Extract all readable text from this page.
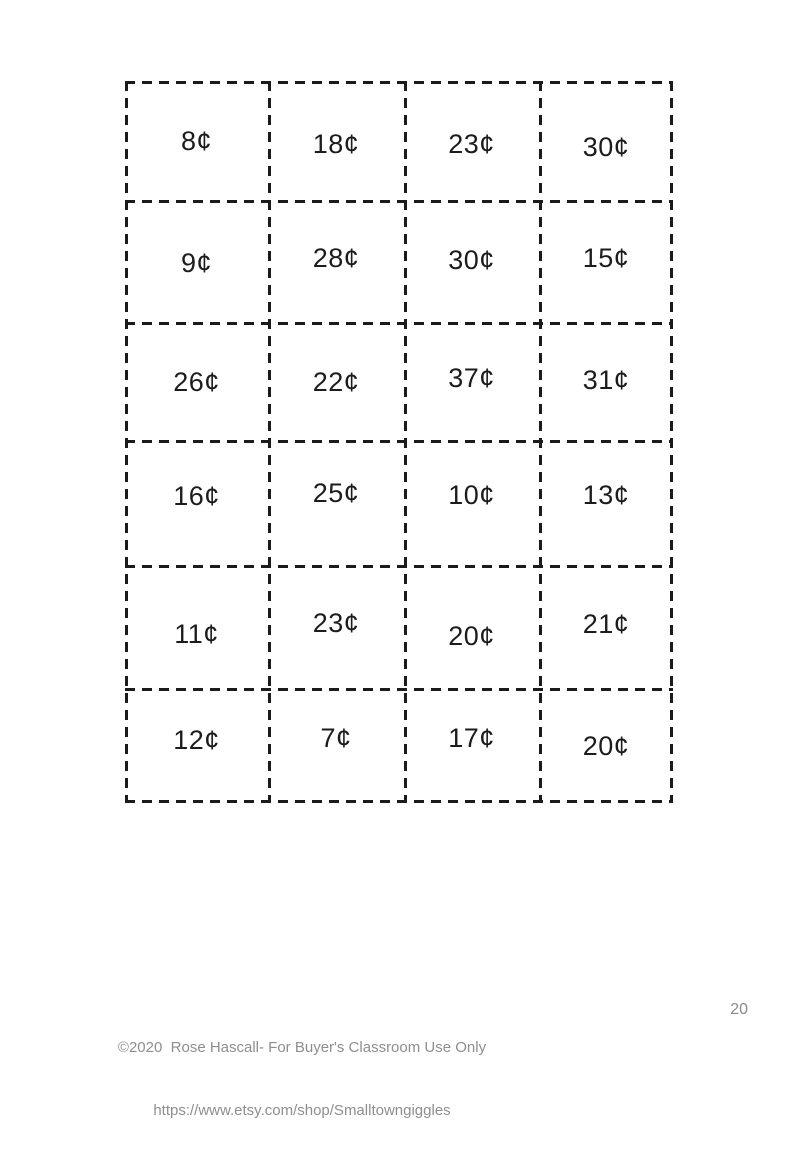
8¢	18¢	23¢	30¢
9¢	28¢	30¢	15¢
26¢	22¢	37¢	31¢
16¢	25¢	10¢	13¢
11¢	23¢	20¢	21¢
12¢	7¢	17¢	20¢

©2020  Rose Hascall- For Buyer's Classroom Use Only

https://www.etsy.com/shop/Smalltowngiggles

20
